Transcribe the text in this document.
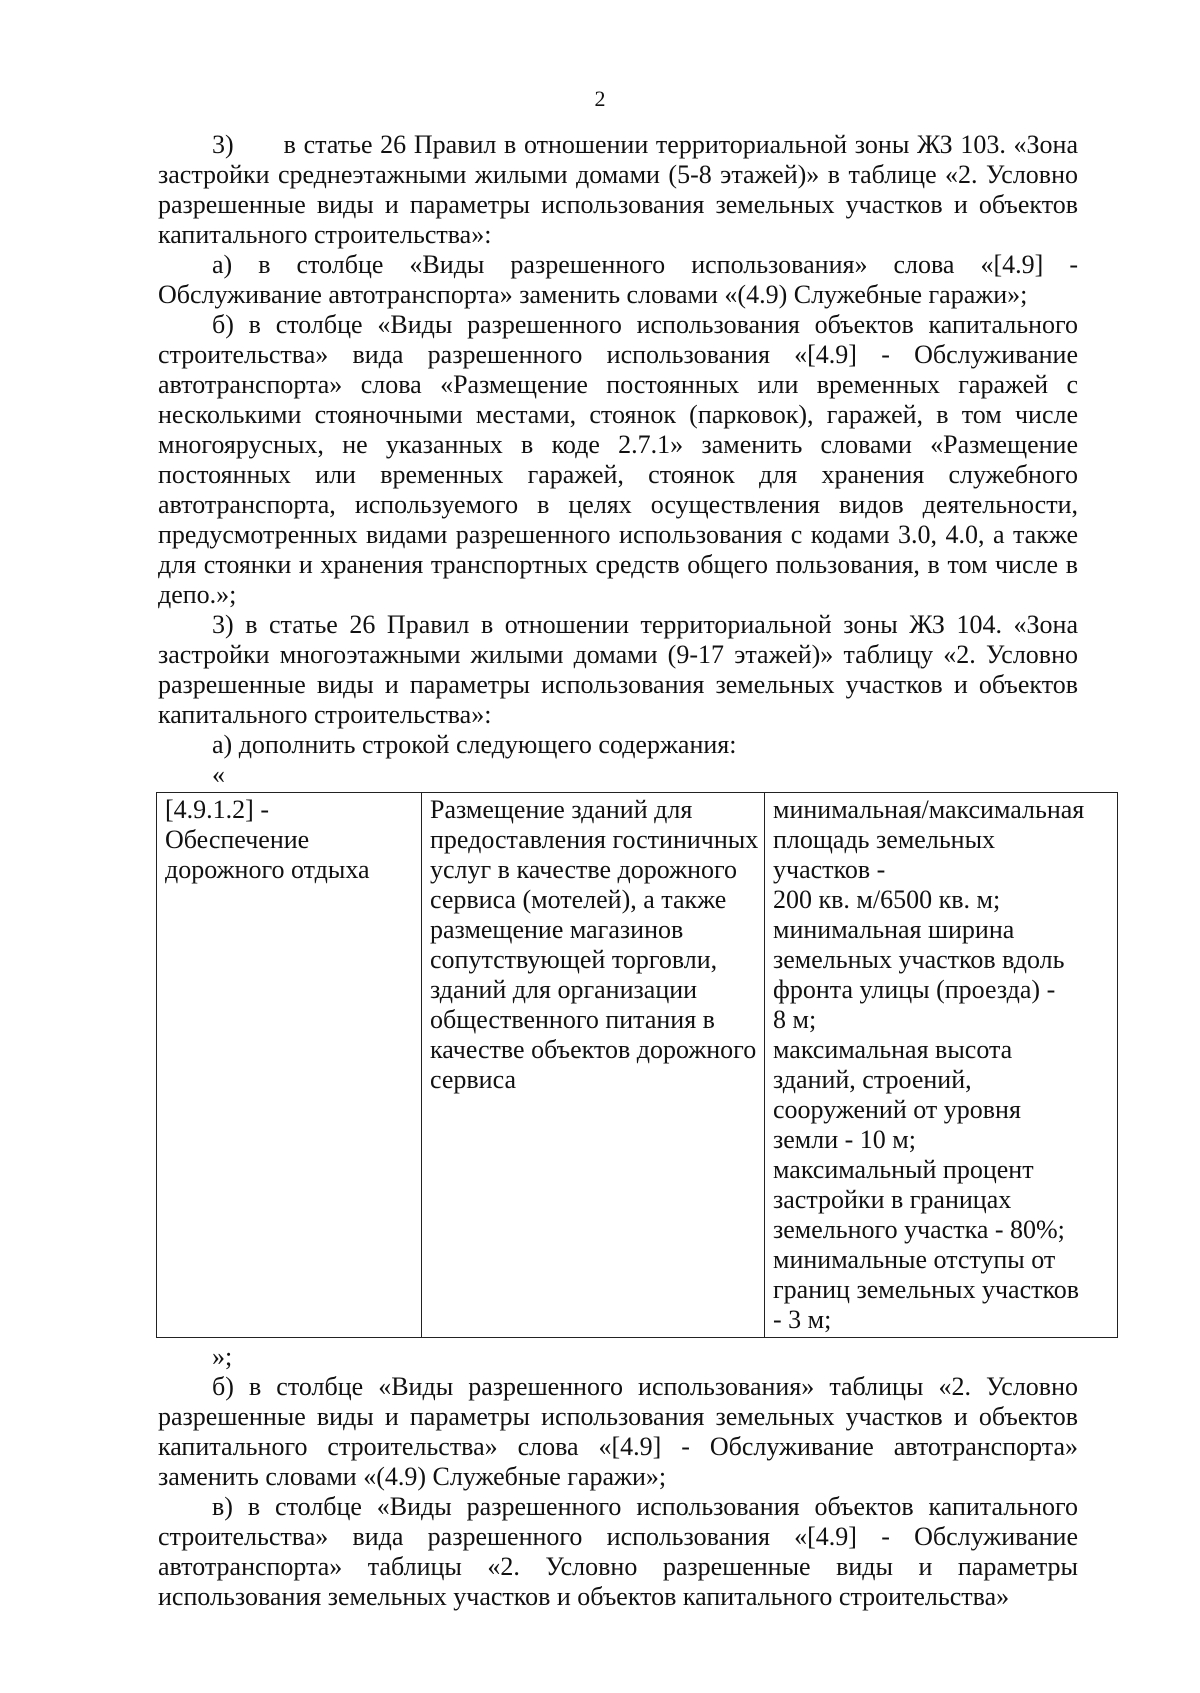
2

3) в статье 26 Правил в отношении территориальной зоны ЖЗ 103. «Зона застройки среднеэтажными жилыми домами (5-8 этажей)» в таблице «2. Условно разрешенные виды и параметры использования земельных участков и объектов капитального строительства»:

а) в столбце «Виды разрешенного использования» слова «[4.9] - Обслуживание автотранспорта» заменить словами «(4.9) Служебные гаражи»;

б) в столбце «Виды разрешенного использования объектов капитального строительства» вида разрешенного использования «[4.9] - Обслуживание автотранспорта» слова «Размещение постоянных или временных гаражей с несколькими стояночными местами, стоянок (парковок), гаражей, в том числе многоярусных, не указанных в коде 2.7.1» заменить словами «Размещение постоянных или временных гаражей, стоянок для хранения служебного автотранспорта, используемого в целях осуществления видов деятельности, предусмотренных видами разрешенного использования с кодами 3.0, 4.0, а также для стоянки и хранения транспортных средств общего пользования, в том числе в депо.»;

3) в статье 26 Правил в отношении территориальной зоны ЖЗ 104. «Зона застройки многоэтажными жилыми домами (9-17 этажей)» таблицу «2. Условно разрешенные виды и параметры использования земельных участков и объектов капитального строительства»:

а) дополнить строкой следующего содержания:

«

[4.9.1.2] -
Обеспечение
дорожного отдыха

Размещение зданий для
предоставления гостиничных
услуг в качестве дорожного
сервиса (мотелей), а также
размещение магазинов
сопутствующей торговли,
зданий для организации
общественного питания в
качестве объектов дорожного
сервиса

минимальная/максимальная
площадь земельных
участков -
200 кв. м/6500 кв. м;
минимальная ширина
земельных участков вдоль
фронта улицы (проезда) -
8 м;
максимальная высота
зданий, строений,
сооружений от уровня
земли - 10 м;
максимальный процент
застройки в границах
земельного участка - 80%;
минимальные отступы от
границ земельных участков
- 3 м;

»;

б) в столбце «Виды разрешенного использования» таблицы «2. Условно разрешенные виды и параметры использования земельных участков и объектов капитального строительства» слова «[4.9] - Обслуживание автотранспорта» заменить словами «(4.9) Служебные гаражи»;

в) в столбце «Виды разрешенного использования объектов капитального строительства» вида разрешенного использования «[4.9] - Обслуживание автотранспорта» таблицы «2. Условно разрешенные виды и параметры использования земельных участков и объектов капитального строительства»
